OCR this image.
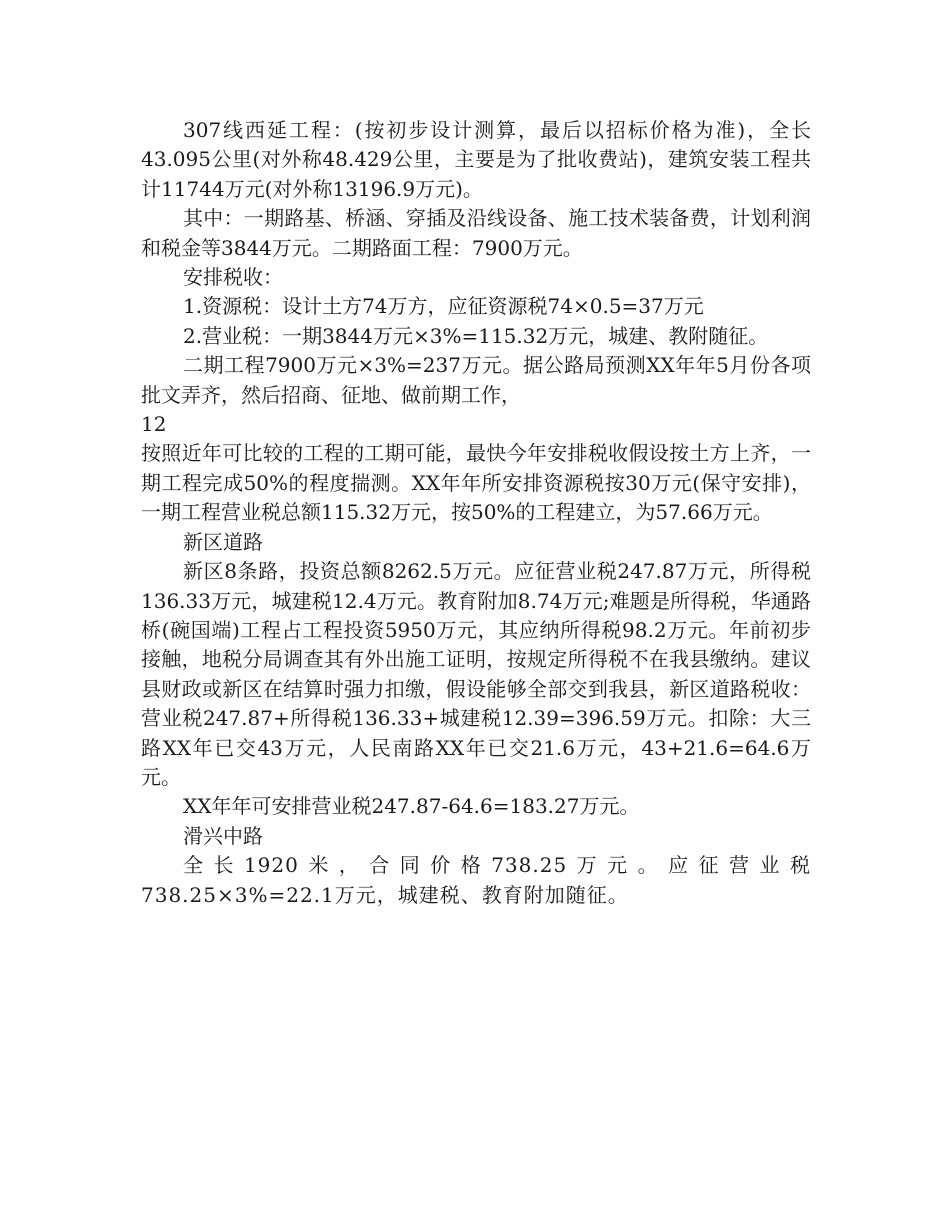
307线西延工程：(按初步设计测算，最后以招标价格为准)，全长43.095公里(对外称48.429公里，主要是为了批收费站)，建筑安装工程共计11744万元(对外称13196.9万元)。

其中：一期路基、桥涵、穿插及沿线设备、施工技术装备费，计划利润和税金等3844万元。二期路面工程：7900万元。

安排税收：

1.资源税：设计土方74万方，应征资源税74×0.5=37万元

2.营业税：一期3844万元×3%=115.32万元，城建、教附随征。

二期工程7900万元×3%=237万元。据公路局预测XX年年5月份各项批文弄齐，然后招商、征地、做前期工作，

12

按照近年可比较的工程的工期可能，最快今年安排税收假设按土方上齐，一期工程完成50%的程度揣测。XX年年所安排资源税按30万元(保守安排)，一期工程营业税总额115.32万元，按50%的工程建立，为57.66万元。

新区道路

新区8条路，投资总额8262.5万元。应征营业税247.87万元，所得税136.33万元，城建税12.4万元。教育附加8.74万元;难题是所得税，华通路桥(碗国端)工程占工程投资5950万元，其应纳所得税98.2万元。年前初步接触，地税分局调查其有外出施工证明，按规定所得税不在我县缴纳。建议县财政或新区在结算时强力扣缴，假设能够全部交到我县，新区道路税收：营业税247.87+所得税136.33+城建税12.39=396.59万元。扣除：大三路XX年已交43万元，人民南路XX年已交21.6万元，43+21.6=64.6万元。

XX年年可安排营业税247.87-64.6=183.27万元。

滑兴中路

全长1920米，合同价格738.25万元。应征营业税738.25×3%=22.1万元，城建税、教育附加随征。
